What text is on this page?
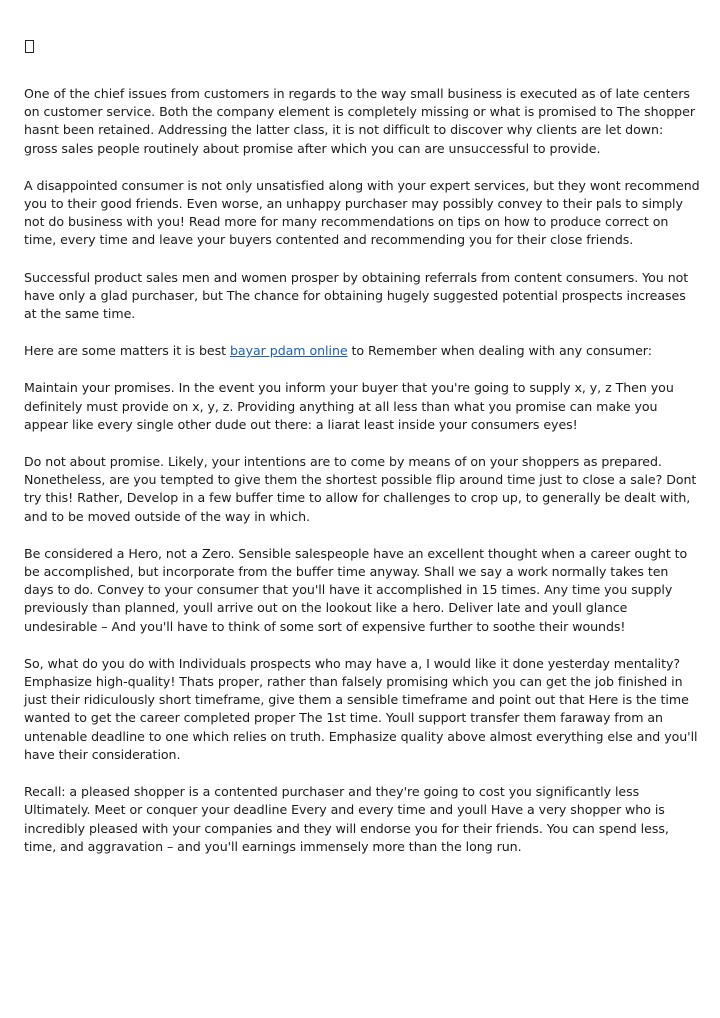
One of the chief issues from customers in regards to the way small business is executed as of late centers on customer service. Both the company element is completely missing or what is promised to The shopper hasnt been retained. Addressing the latter class, it is not difficult to discover why clients are let down: gross sales people routinely about promise after which you can are unsuccessful to provide.

A disappointed consumer is not only unsatisfied along with your expert services, but they wont recommend you to their good friends. Even worse, an unhappy purchaser may possibly convey to their pals to simply not do business with you! Read more for many recommendations on tips on how to produce correct on time, every time and leave your buyers contented and recommending you for their close friends.

Successful product sales men and women prosper by obtaining referrals from content consumers. You not have only a glad purchaser, but The chance for obtaining hugely suggested potential prospects increases at the same time.

Here are some matters it is best bayar pdam online to Remember when dealing with any consumer:

Maintain your promises. In the event you inform your buyer that you're going to supply x, y, z Then you definitely must provide on x, y, z. Providing anything at all less than what you promise can make you appear like every single other dude out there: a liarat least inside your consumers eyes!

Do not about promise. Likely, your intentions are to come by means of on your shoppers as prepared. Nonetheless, are you tempted to give them the shortest possible flip around time just to close a sale? Dont try this! Rather, Develop in a few buffer time to allow for challenges to crop up, to generally be dealt with, and to be moved outside of the way in which.

Be considered a Hero, not a Zero. Sensible salespeople have an excellent thought when a career ought to be accomplished, but incorporate from the buffer time anyway. Shall we say a work normally takes ten days to do. Convey to your consumer that you'll have it accomplished in 15 times. Any time you supply previously than planned, youll arrive out on the lookout like a hero. Deliver late and youll glance undesirable – And you'll have to think of some sort of expensive further to soothe their wounds!

So, what do you do with Individuals prospects who may have a, I would like it done yesterday mentality? Emphasize high-quality! Thats proper, rather than falsely promising which you can get the job finished in just their ridiculously short timeframe, give them a sensible timeframe and point out that Here is the time wanted to get the career completed proper The 1st time. Youll support transfer them faraway from an untenable deadline to one which relies on truth. Emphasize quality above almost everything else and you'll have their consideration.

Recall: a pleased shopper is a contented purchaser and they're going to cost you significantly less Ultimately. Meet or conquer your deadline Every and every time and youll Have a very shopper who is incredibly pleased with your companies and they will endorse you for their friends. You can spend less, time, and aggravation – and you'll earnings immensely more than the long run.
